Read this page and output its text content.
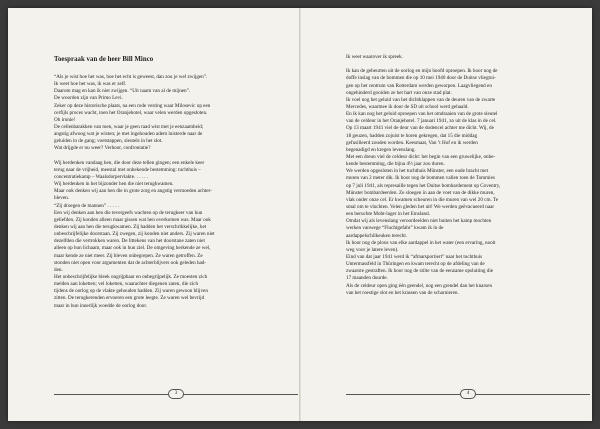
Toespraak van de heer Bill Minco

“Als je wist hoe het was, hoe het echt is geweest, dan zou je wel zwijgen”.

Ik weet hoe het was, ik was er zelf.

Daarom mag en kan ik niet zwijgen. “Uit naam van al de mijnen”.

De woorden zijn van Primo Levi.

Zeker op deze historische plaats, na een rode vesting waar Milosevic op een

cerfijls proces wacht, toen het Oranjehotel, waar velen werden opgesloten.

Oh ironie!

De cellenbarakken van toen, waar je geen raad wist met je eenzaamheid;

angstig afwoog wat je wisten; je met ingehouden adem luisterde naar de

geluiden in de gang; voetstappen, sleutels in het slot.

Wat drijgde er nu weer? Verhoor, confrontatie?

Wij herdenken vandaag hen, die door deze tellen gingen; een enkele keer

terug naar de vrijheid, meestal met onbekende bestemming: tuchthuis –

concentratiekamp – Waalsdorpervlakte. . . . . .

Wij herdenken in het bijzonder hen die niet terugkwamen.

Maar ook denken wij aan hen die in grote zorg en angstig vermoeden achter-

bleven.

“Zij droegen de mannen” . . . . .

Een wij denken aan hen die tevergeefs wachten op de terugkeer van hun

geliefden. Zij konden alleen maar gissen wat hen overkomen was. Maar ook

denken wij aan hen die terugkwamen. Zij hadden het verschrikkelijke, het

onbeschrijfelijke doorstaan. Zij zwegen, zij konden niet anders. Zij waren niet

dezelfden die vertrokken waren. De littekens van het doorstane zaten niet

alleen op hun lichaam, maar ook in hun ziel. De omgeving herkende ze wel,

maar kende ze niet meer. Zij bleven onbegrepen. Ze waren getroffen. Ze

stonden niet open voor argumenten dat de achterblijvers ook geleden had-

den.

Het onbeschrijfelijke bleek ongrijpbaar en onbegrijpelijk. Ze moesten zich

melden aan loketten; vel loketten, waarachter diegenen zaten, die zich

tijdens de oorlog op de vlakte gehouden hadden. Zij waren gewoon blijven

zitten. De terugkerenden ervoeren een grote leegte. Ze waren wel bevrijd

maar in hun innerlijk woedde de oorlog door.

3

Ik weet waarover ik spreek.

Ik kan de gebeurten uit de oorlog en mijn hoofd oproepen. Ik hoor nog de

doffe inslag van de bommen die op 10 mei 1940 door de Duitse vliegtui-

gen op het centrum van Rotterdam werden geworpen. Laagvliegend en

ongehinderd gooiden ze het hart van onze stad plat.

Ik voel nog het geluid van het dichtklappen van de deuren van de zwarte

Mercedes, waarmee ik door de SD uit school werd gehaald.

En ik kan nog het geluid oproepen van het omdraaien van de grote sleutel

van de celdeur in het Oranjehotel. 7 januari 1941, zo uit de klas in de cel.

Op 13 maart 1941 viel de deur van de dodencel achter me dicht. Wij, de

18 geuzen, hadden zojuist te horen gekregen, dat 15 die middag

gefusilleerd zouden worden. Keesmaat, Van ’t Hof en ik werden

begenadigd en kregen levenslang.

Met een dreun viel de celdeur dicht: het begin van een gruwelijke, onbe-

kende bestemming, die bijna 4½ jaar zou duren.

We werden opgesloten in het tuchthuis Münster, een oude bracht met

muren van 2 meter dik. Ik hoor nog de bommen vallen toen de Tommies

op 7 juli 1941, als represaille tegen het Duitse bombardement op Coventry,

Münster bombardeerden. Ze sloegen in aan de voet van de dikke muren,

vlak onder onze cel. Er kwamen scheuren in die muren van wel 20 cm. Te

smal om te vluchten. Velen gleden het uit! We werden geëvacueerd naar

een beruchte Moht-lager in het Emsland.

Omdat wij als levenslang veroordeelden niet buiten het kamp mochten

werken vanwege “Fluchtgefahr” kwam ik in de

aardappelschilkeuken terecht.

Ik hoor nog de plons van elke aardappel in het water (een ervaring, nooit

weg voor je latere leven).

Eind van dat jaar 1941 werd ik “afmarsportiert” naar het tuchthuis

Untermassfeld in Thüringen en kwam terecht op de afdeling van de

zwaarste gestraften. Ik hoor nog de stilte van de eenzame opsluiting die

17 maanden duurde.

Als de celdeur open ging één geendel, nog een grendel dan het knarsen

van het roestige slot en het krassen van de scharnieren.

4
